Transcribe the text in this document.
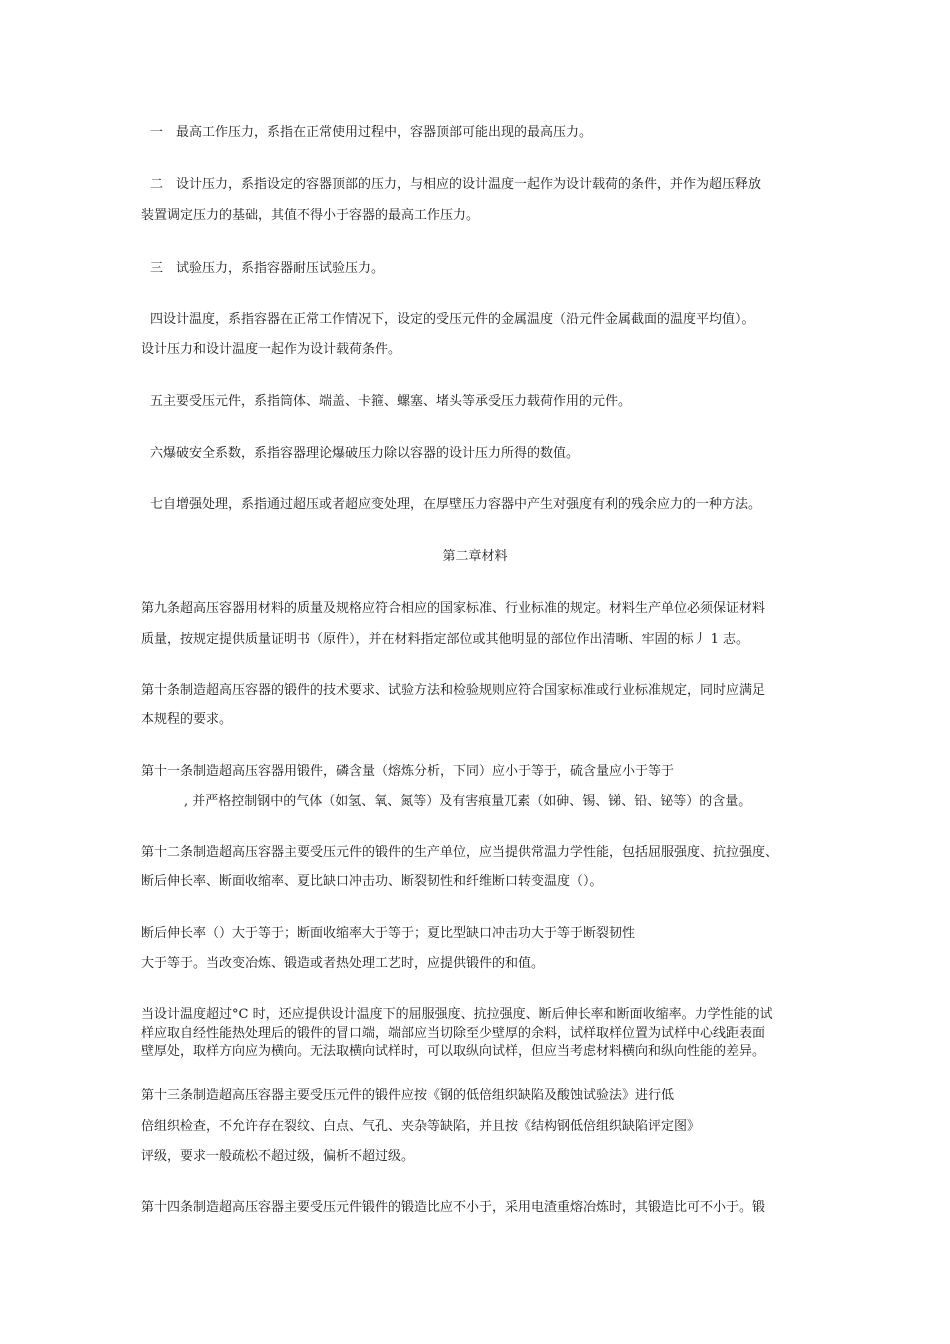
一　最高工作压力，系指在正常使用过程中，容器顶部可能出现的最高压力。

二　设计压力，系指设定的容器顶部的压力，与相应的设计温度一起作为设计载荷的条件，并作为超压释放

装置调定压力的基础，其值不得小于容器的最高工作压力。

三　试验压力，系指容器耐压试验压力。

四设计温度，系指容器在正常工作情况下，设定的受压元件的金属温度（沿元件金属截面的温度平均值）。

设计压力和设计温度一起作为设计载荷条件。

五主要受压元件，系指筒体、端盖、卡箍、螺塞、堵头等承受压力载荷作用的元件。

六爆破安全系数，系指容器理论爆破压力除以容器的设计压力所得的数值。

七自增强处理，系指通过超压或者超应变处理，在厚壁压力容器中产生对强度有利的残余应力的一种方法。

第二章材料

第九条超高压容器用材料的质量及规格应符合相应的国家标准、行业标准的规定。材料生产单位必须保证材料

质量，按规定提供质量证明书（原件），并在材料指定部位或其他明显的部位作出清晰、牢固的标丿 1 志。

第十条制造超高压容器的锻件的技术要求、试验方法和检验规则应符合国家标准或行业标准规定，同时应满足

本规程的要求。

第十一条制造超高压容器用锻件，磷含量（熔炼分析，下同）应小于等于，硫含量应小于等于

, 并严格控制钢中的气体（如氢、氧、氮等）及有害痕量兀素（如砷、锡、锑、铅、铋等）的含量。

第十二条制造超高压容器主要受压元件的锻件的生产单位，应当提供常温力学性能，包括屈服强度、抗拉强度、

断后伸长率、断面收缩率、夏比缺口冲击功、断裂韧性和纤维断口转变温度（）。

断后伸长率（）大于等于；断面收缩率大于等于；夏比型缺口冲击功大于等于断裂韧性

大于等于。当改变冶炼、锻造或者热处理工艺时，应提供锻件的和值。

当设计温度超过°C 时，还应提供设计温度下的屈服强度、抗拉强度、断后伸长率和断面收缩率。力学性能的试

样应取自经性能热处理后的锻件的冒口端，端部应当切除至少壁厚的余料，试样取样位置为试样中心线距表面

壁厚处，取样方向应为横向。无法取横向试样时，可以取纵向试样，但应当考虑材料横向和纵向性能的差异。

第十三条制造超高压容器主要受压元件的锻件应按《钢的低倍组织缺陷及酸蚀试验法》进行低

倍组织检查，不允许存在裂纹、白点、气孔、夹杂等缺陷，并且按《结构钢低倍组织缺陷评定图》

评级，要求一般疏松不超过级，偏析不超过级。

第十四条制造超高压容器主要受压元件锻件的锻造比应不小于，采用电渣重熔冶炼时，其锻造比可不小于。锻
